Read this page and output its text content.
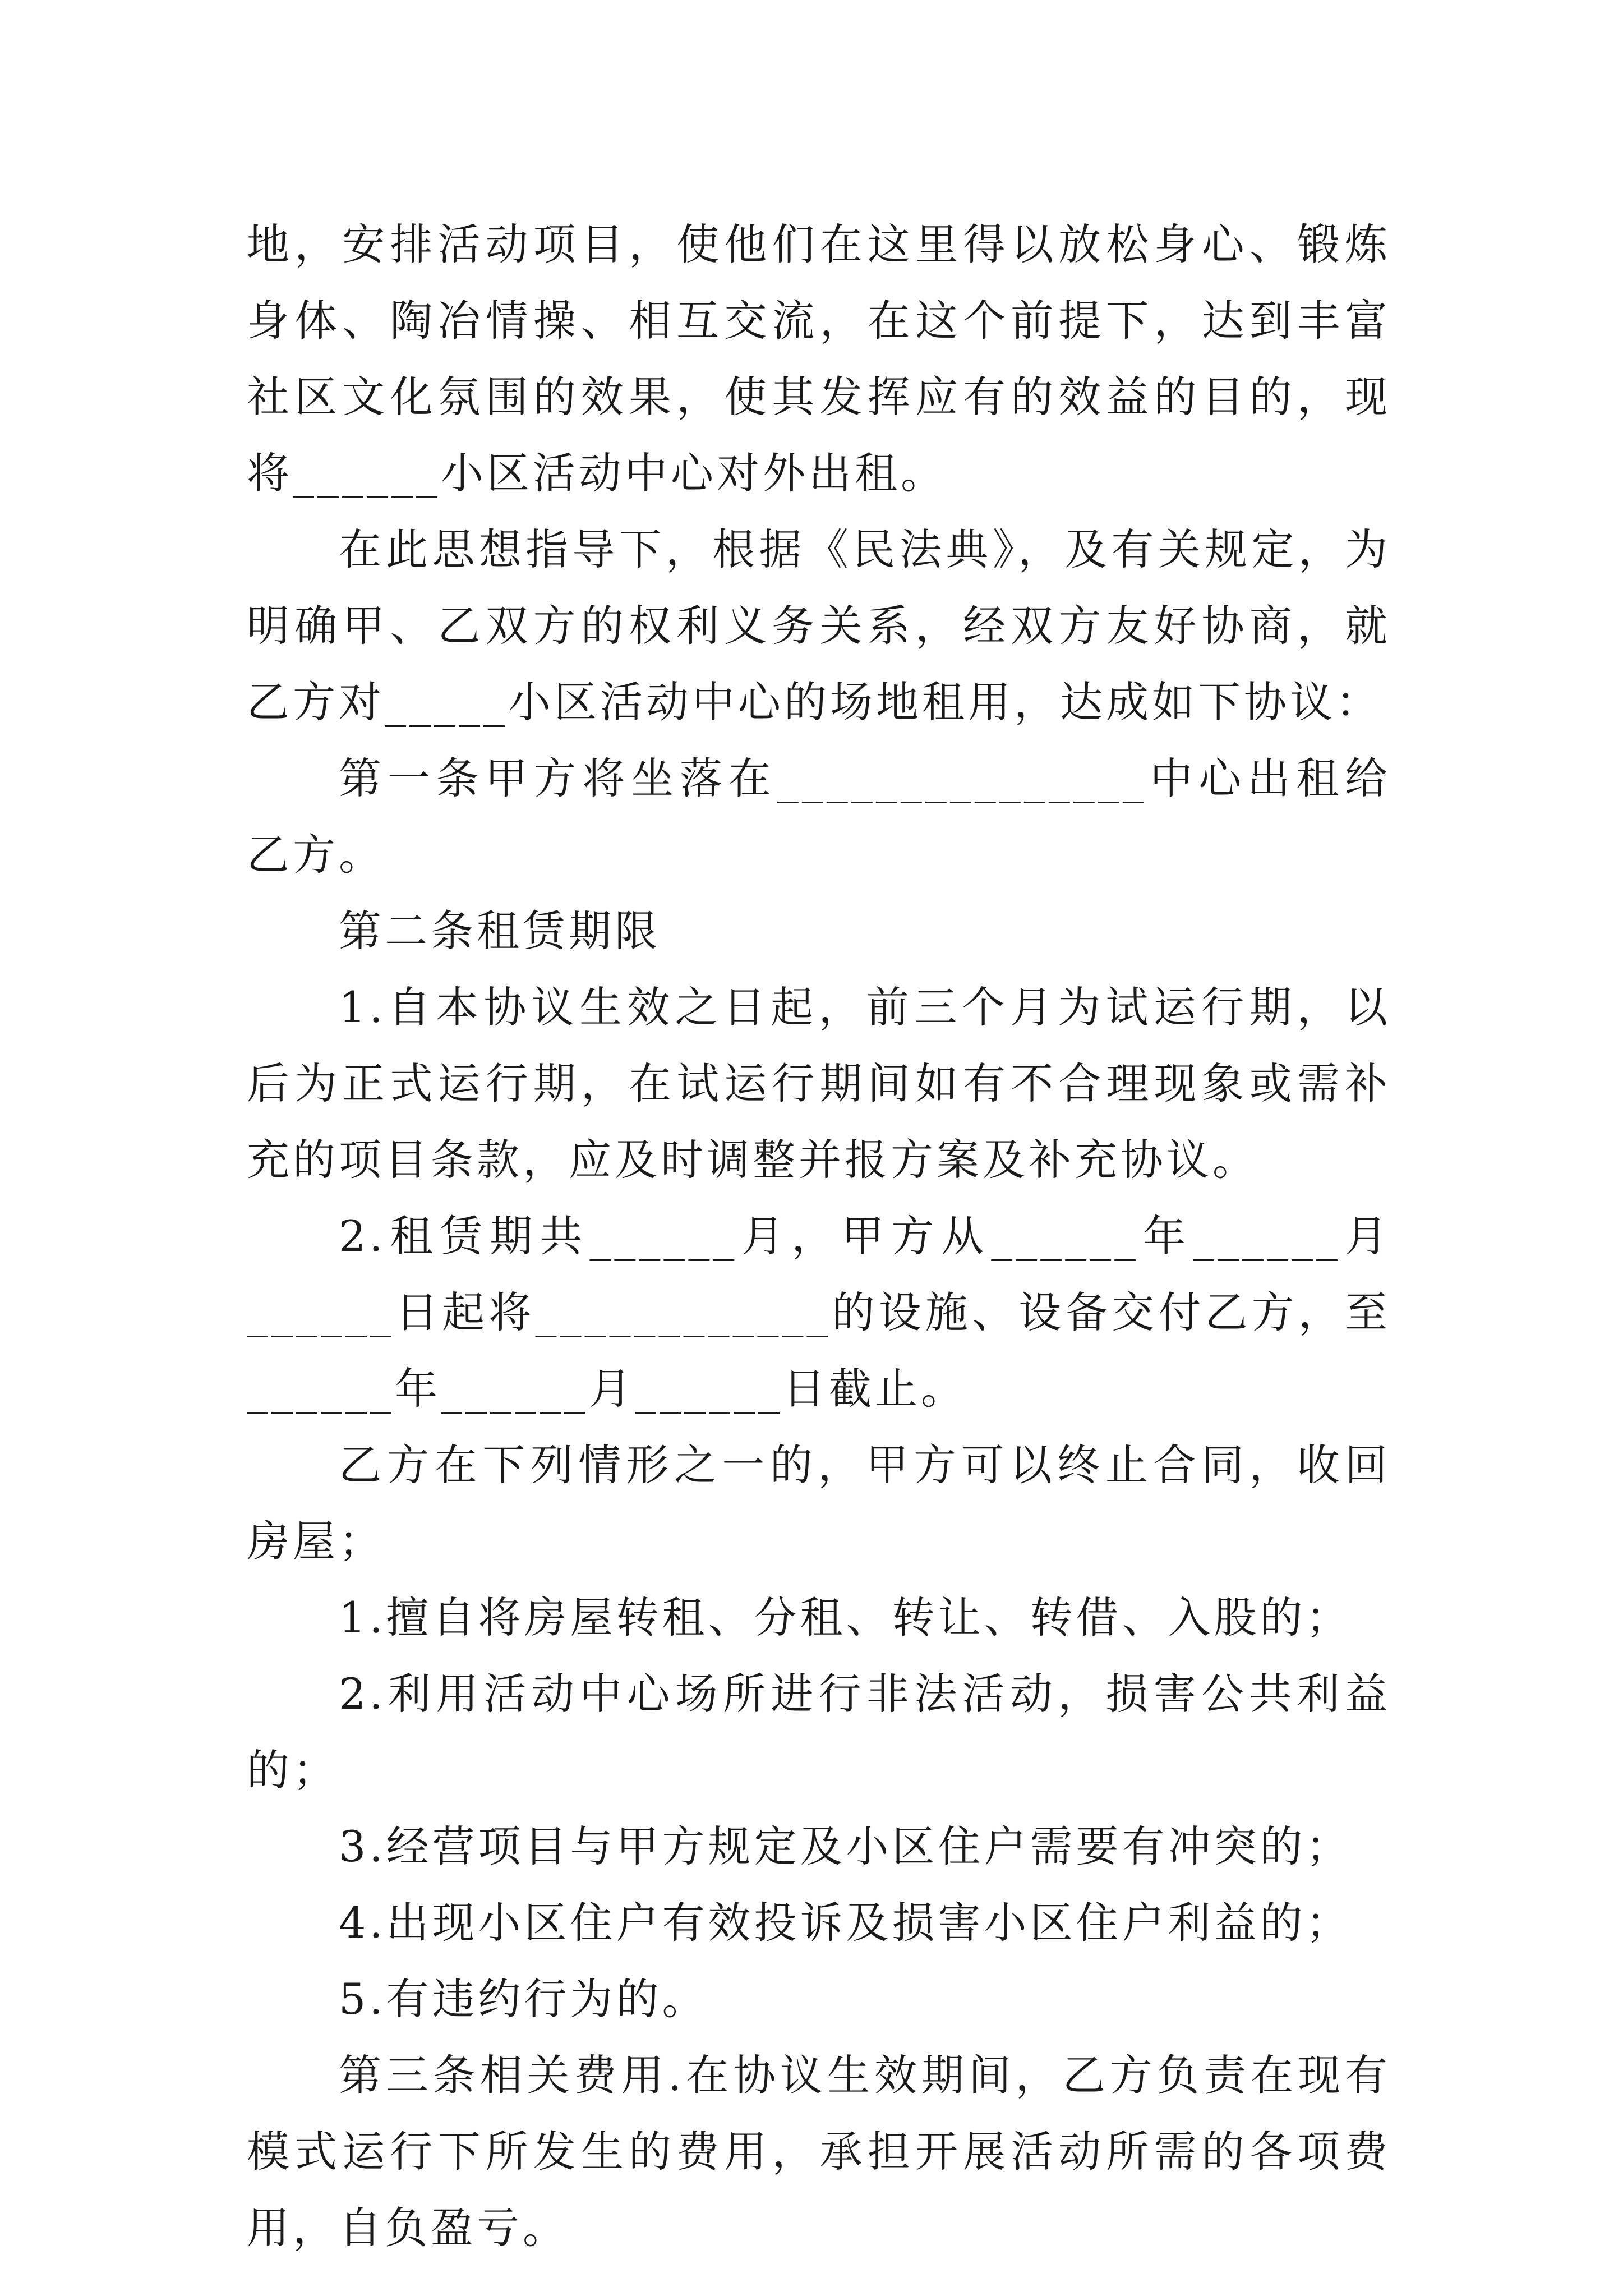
地，安排活动项目，使他们在这里得以放松身心、锻炼身体、陶冶情操、相互交流，在这个前提下，达到丰富社区文化氛围的效果，使其发挥应有的效益的目的，现将______小区活动中心对外出租。

在此思想指导下，根据《民法典》，及有关规定，为明确甲、乙双方的权利义务关系，经双方友好协商，就乙方对_____小区活动中心的场地租用，达成如下协议：

第一条甲方将坐落在_______________中心出租给乙方。

第二条租赁期限

1.自本协议生效之日起，前三个月为试运行期，以后为正式运行期，在试运行期间如有不合理现象或需补充的项目条款，应及时调整并报方案及补充协议。

2.租赁期共______月，甲方从______年______月______日起将____________的设施、设备交付乙方，至______年______月______日截止。

乙方在下列情形之一的，甲方可以终止合同，收回房屋；

1.擅自将房屋转租、分租、转让、转借、入股的；

2.利用活动中心场所进行非法活动，损害公共利益的；

3.经营项目与甲方规定及小区住户需要有冲突的；

4.出现小区住户有效投诉及损害小区住户利益的；

5.有违约行为的。

第三条相关费用.在协议生效期间，乙方负责在现有模式运行下所发生的费用，承担开展活动所需的各项费用，自负盈亏。
